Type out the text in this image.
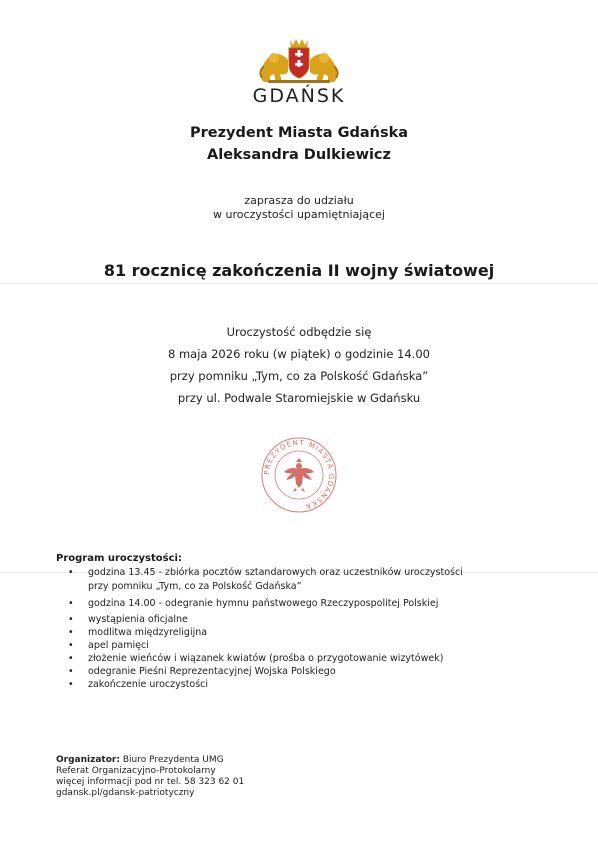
GDAŃSK
Prezydent Miasta Gdańska
Aleksandra Dulkiewicz
zaprasza do udziału
w uroczystości upamiętniającej
81 rocznicę zakończenia II wojny światowej
Uroczystość odbędzie się
8 maja 2026 roku (w piątek) o godzinie 14.00
przy pomniku „Tym, co za Polskość Gdańska”
przy ul. Podwale Staromiejskie w Gdańsku
PREZYDENT MIASTA GDAŃSKA
Program uroczystości:
• godzina 13.45 - zbiórka pocztów sztandarowych oraz uczestników uroczystości
przy pomniku „Tym, co za Polskość Gdańska”
• godzina 14.00 - odegranie hymnu państwowego Rzeczypospolitej Polskiej
• wystąpienia oficjalne
• modlitwa międzyreligijna
• apel pamięci
• złożenie wieńców i wiązanek kwiatów (prośba o przygotowanie wizytówek)
• odegranie Pieśni Reprezentacyjnej Wojska Polskiego
• zakończenie uroczystości
Organizator: Biuro Prezydenta UMG
Referat Organizacyjno-Protokolarny
więcej informacji pod nr tel. 58 323 62 01
gdansk.pl/gdansk-patriotyczny
